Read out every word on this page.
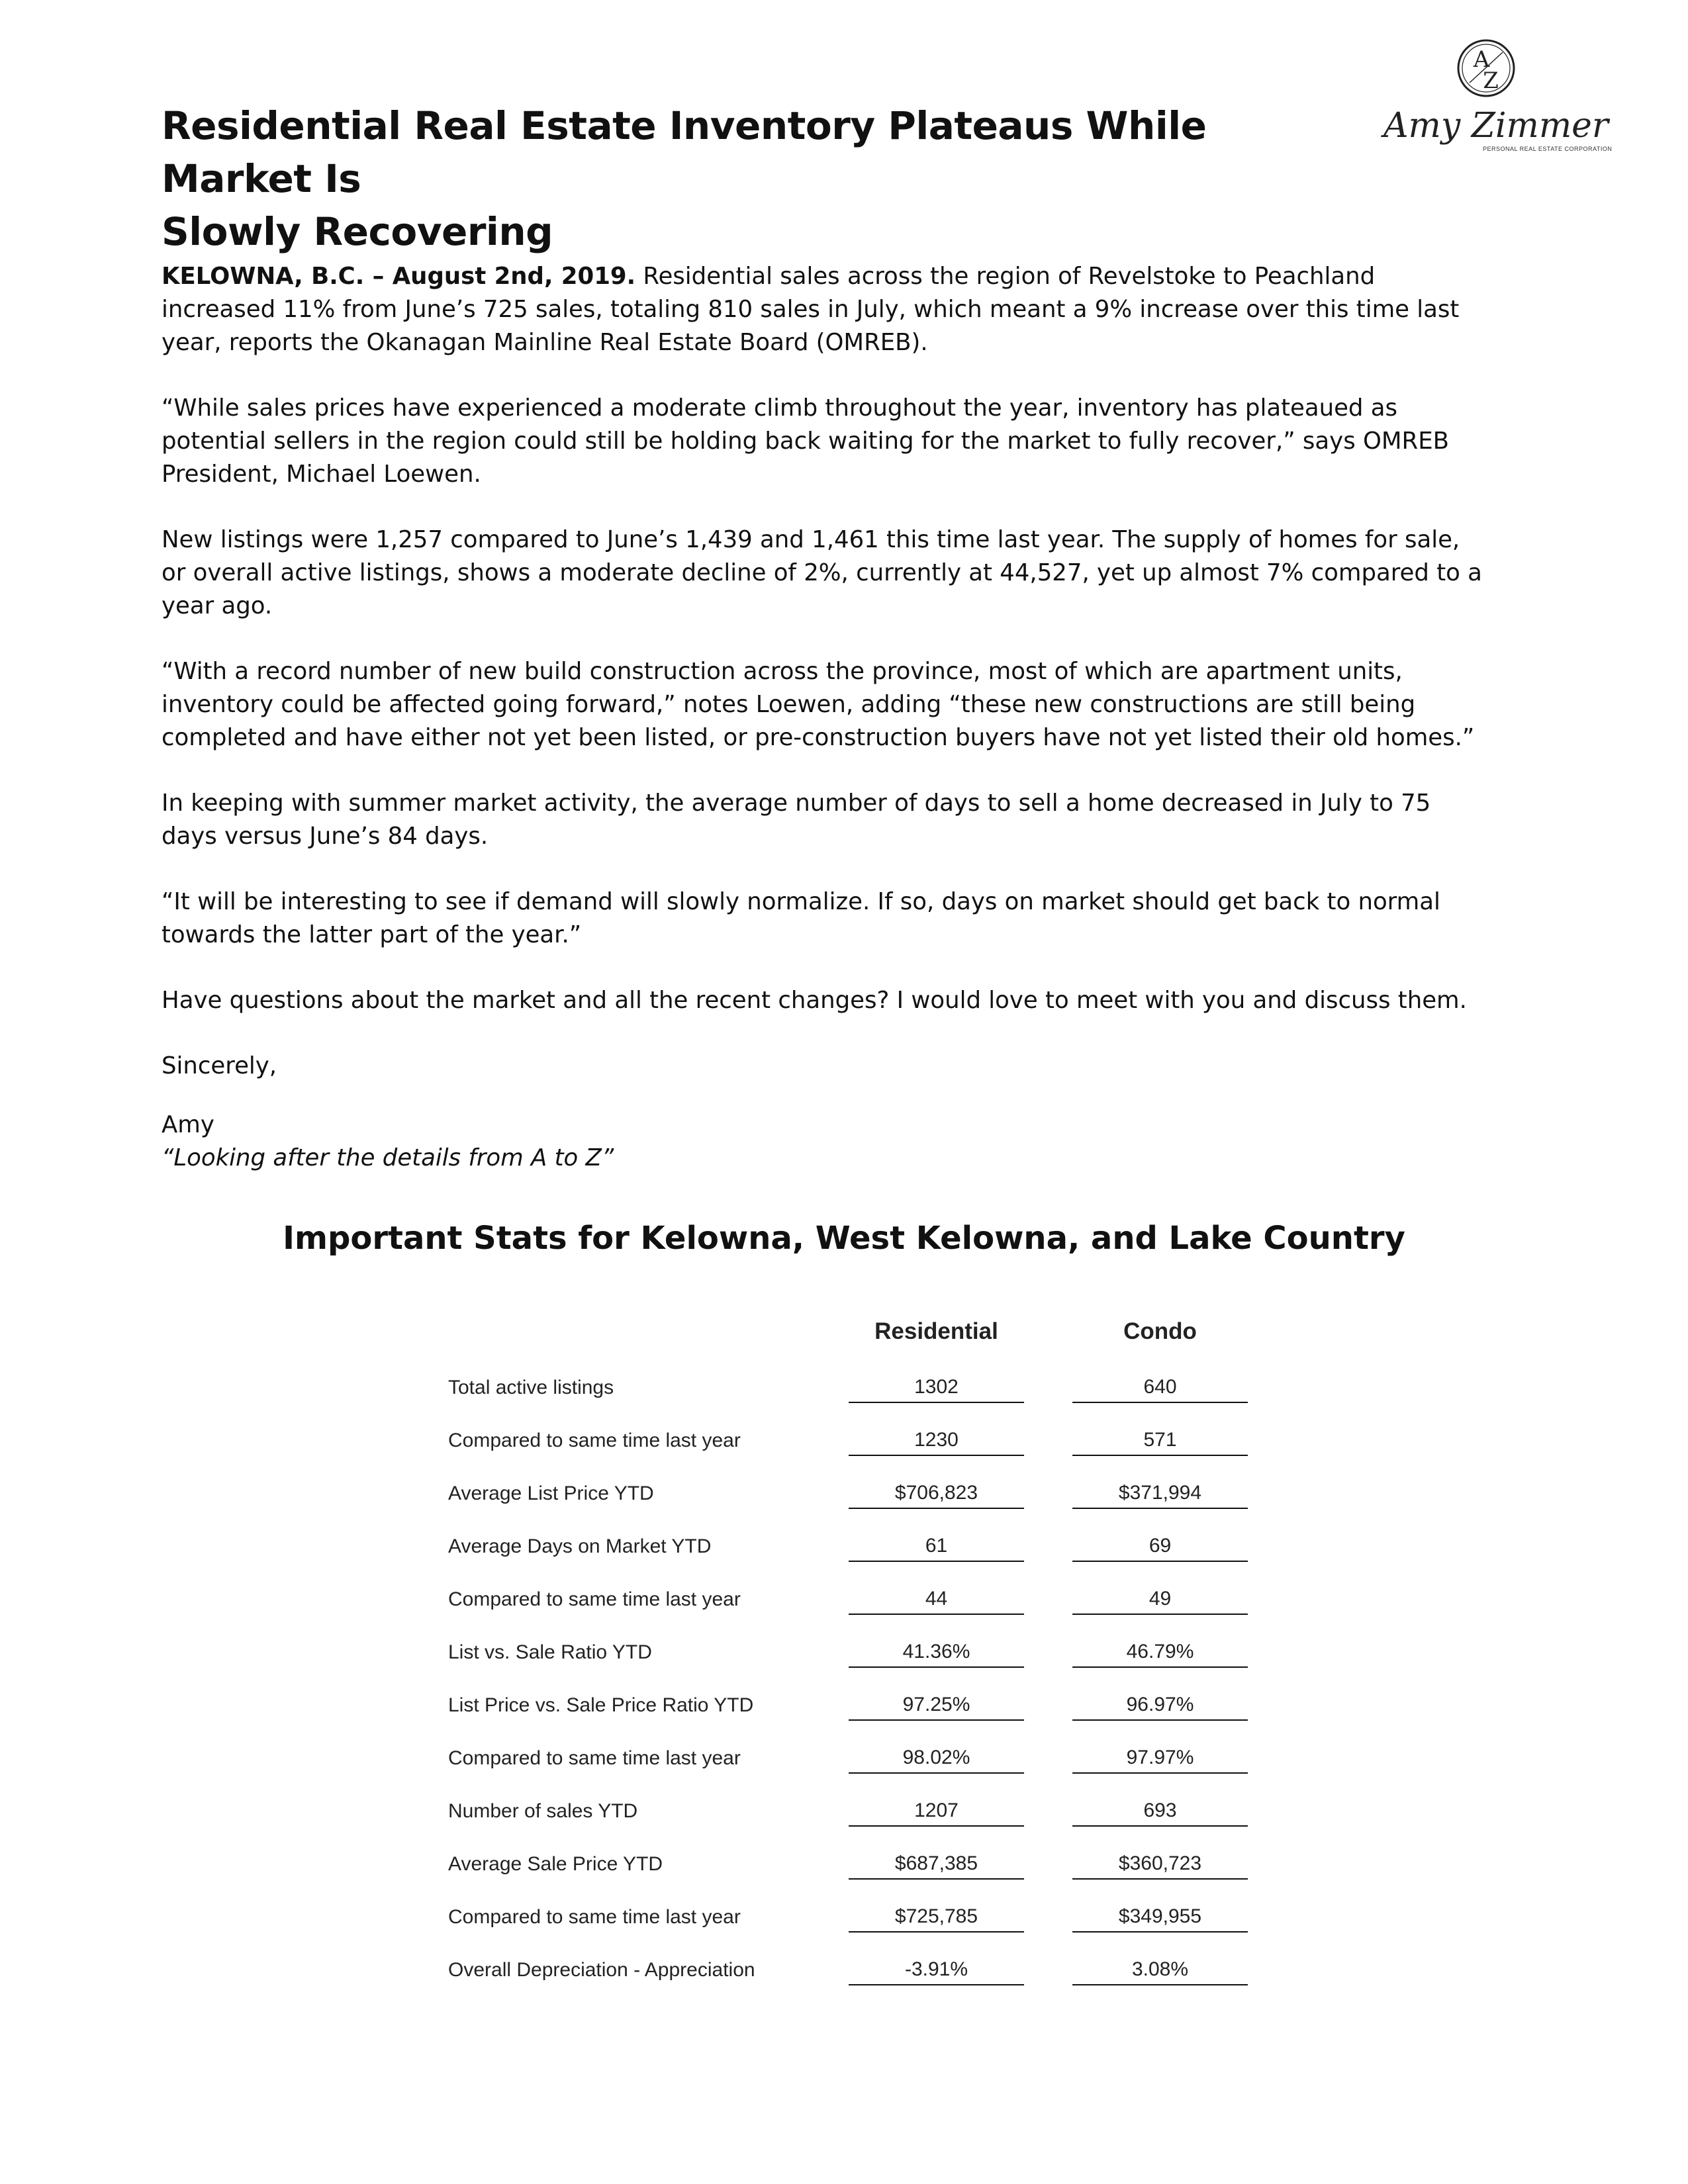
Residential Real Estate Inventory Plateaus While Market Is
Slowly Recovering
A
Z
Amy Zimmer
PERSONAL REAL ESTATE CORPORATION

KELOWNA, B.C. – August 2nd, 2019. Residential sales across the region of Revelstoke to Peachland increased 11% from June’s 725 sales, totaling 810 sales in July, which meant a 9% increase over this time last year, reports the Okanagan Mainline Real Estate Board (OMREB).

“While sales prices have experienced a moderate climb throughout the year, inventory has plateaued as potential sellers in the region could still be holding back waiting for the market to fully recover,” says OMREB President, Michael Loewen.

New listings were 1,257 compared to June’s 1,439 and 1,461 this time last year. The supply of homes for sale, or overall active listings, shows a moderate decline of 2%, currently at 44,527, yet up almost 7% compared to a year ago.

“With a record number of new build construction across the province, most of which are apartment units, inventory could be affected going forward,” notes Loewen, adding “these new constructions are still being completed and have either not yet been listed, or pre-construction buyers have not yet listed their old homes.”

In keeping with summer market activity, the average number of days to sell a home decreased in July to 75 days versus June’s 84 days.

“It will be interesting to see if demand will slowly normalize. If so, days on market should get back to normal towards the latter part of the year.”

Have questions about the market and all the recent changes? I would love to meet with you and discuss them.

Sincerely,

Amy
“Looking after the details from A to Z”
Important Stats for Kelowna, West Kelowna, and Lake Country
Residential	Condo
Total active listings	1302	640
Compared to same time last year	1230	571
Average List Price YTD	$706,823	$371,994
Average Days on Market YTD	61	69
Compared to same time last year	44	49
List vs. Sale Ratio YTD	41.36%	46.79%
List Price vs. Sale Price Ratio YTD	97.25%	96.97%
Compared to same time last year	98.02%	97.97%
Number of sales YTD	1207	693
Average Sale Price YTD	$687,385	$360,723
Compared to same time last year	$725,785	$349,955
Overall Depreciation - Appreciation	-3.91%	3.08%
